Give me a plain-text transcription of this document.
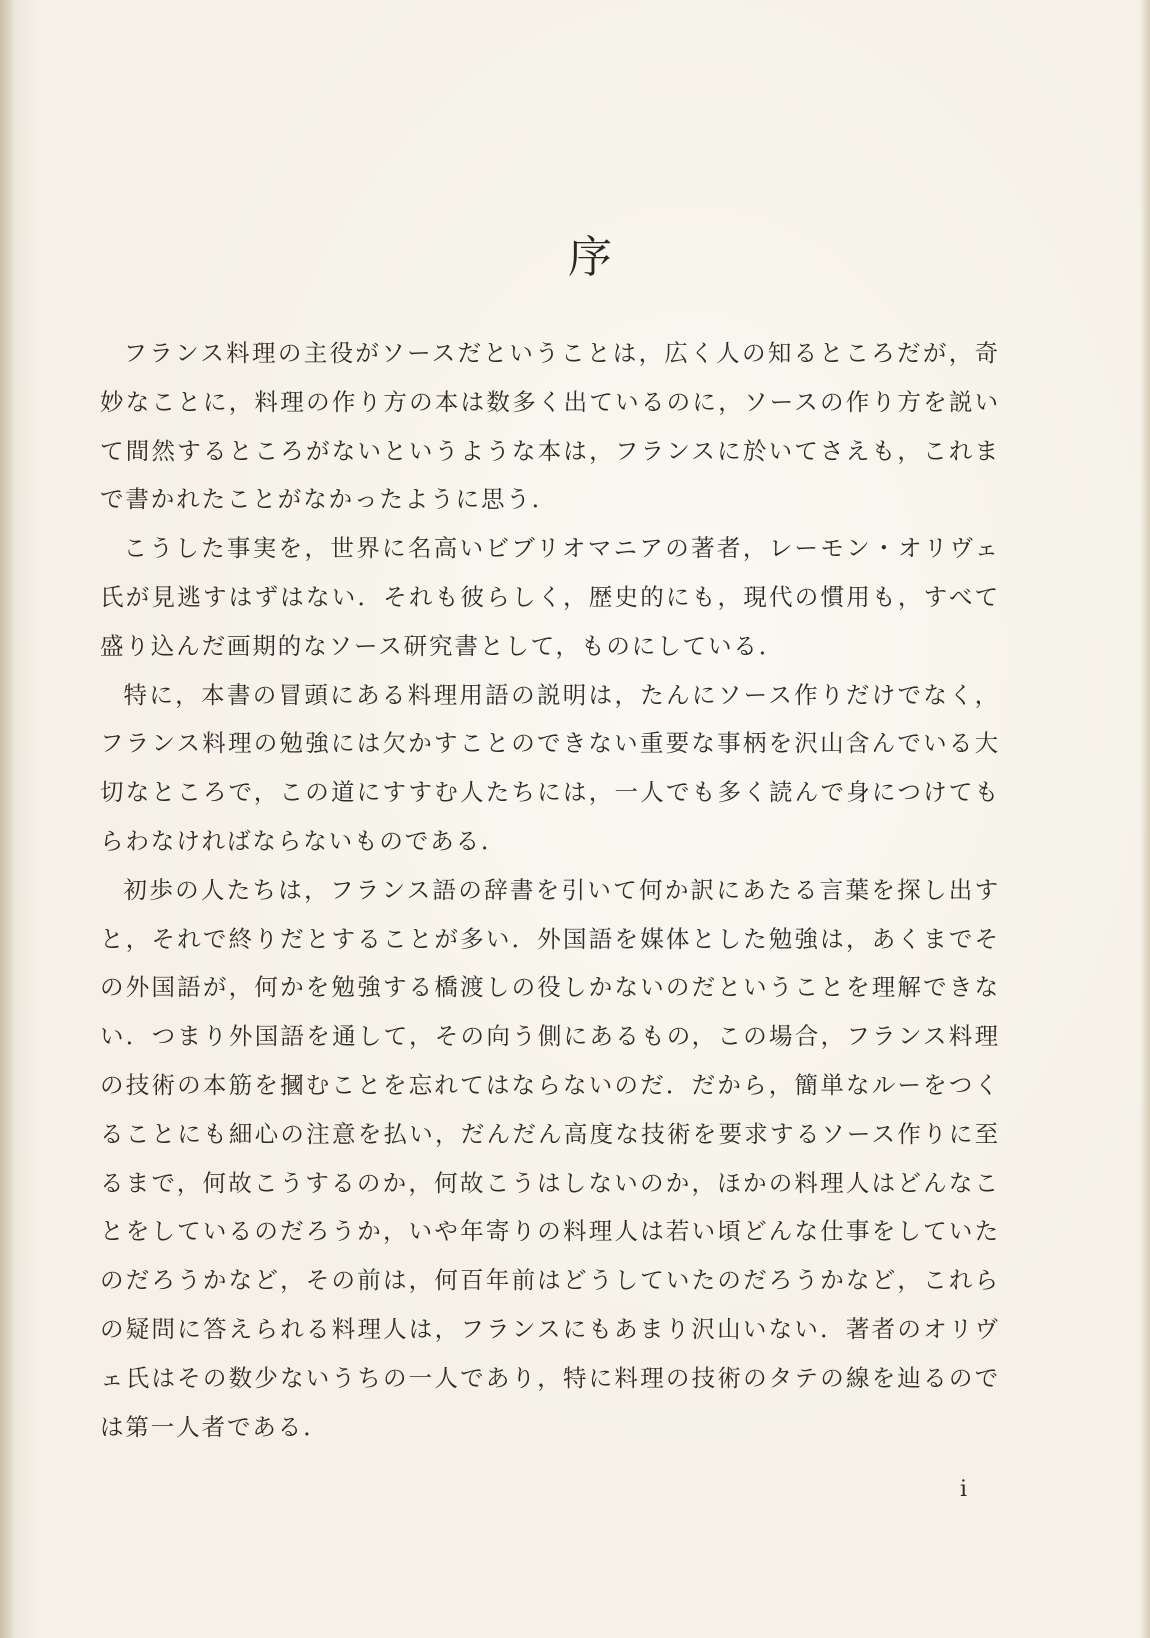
序

フランス料理の主役がソースだということは，広く人の知るところだが，奇妙なことに，料理の作り方の本は数多く出ているのに，ソースの作り方を説いて間然するところがないというような本は，フランスに於いてさえも，これまで書かれたことがなかったように思う．

こうした事実を，世界に名高いビブリオマニアの著者，レーモン・オリヴェ氏が見逃すはずはない．それも彼らしく，歴史的にも，現代の慣用も，すべて盛り込んだ画期的なソース研究書として，ものにしている．

特に，本書の冒頭にある料理用語の説明は，たんにソース作りだけでなく，フランス料理の勉強には欠かすことのできない重要な事柄を沢山含んでいる大切なところで，この道にすすむ人たちには，一人でも多く読んで身につけてもらわなければならないものである．

初歩の人たちは，フランス語の辞書を引いて何か訳にあたる言葉を探し出すと，それで終りだとすることが多い．外国語を媒体とした勉強は，あくまでその外国語が，何かを勉強する橋渡しの役しかないのだということを理解できない．つまり外国語を通して，その向う側にあるもの，この場合，フランス料理の技術の本筋を摑むことを忘れてはならないのだ．だから，簡単なルーをつくることにも細心の注意を払い，だんだん高度な技術を要求するソース作りに至るまで，何故こうするのか，何故こうはしないのか，ほかの料理人はどんなことをしているのだろうか，いや年寄りの料理人は若い頃どんな仕事をしていたのだろうかなど，その前は，何百年前はどうしていたのだろうかなど，これらの疑問に答えられる料理人は，フランスにもあまり沢山いない．著者のオリヴェ氏はその数少ないうちの一人であり，特に料理の技術のタテの線を辿るのでは第一人者である．

i
